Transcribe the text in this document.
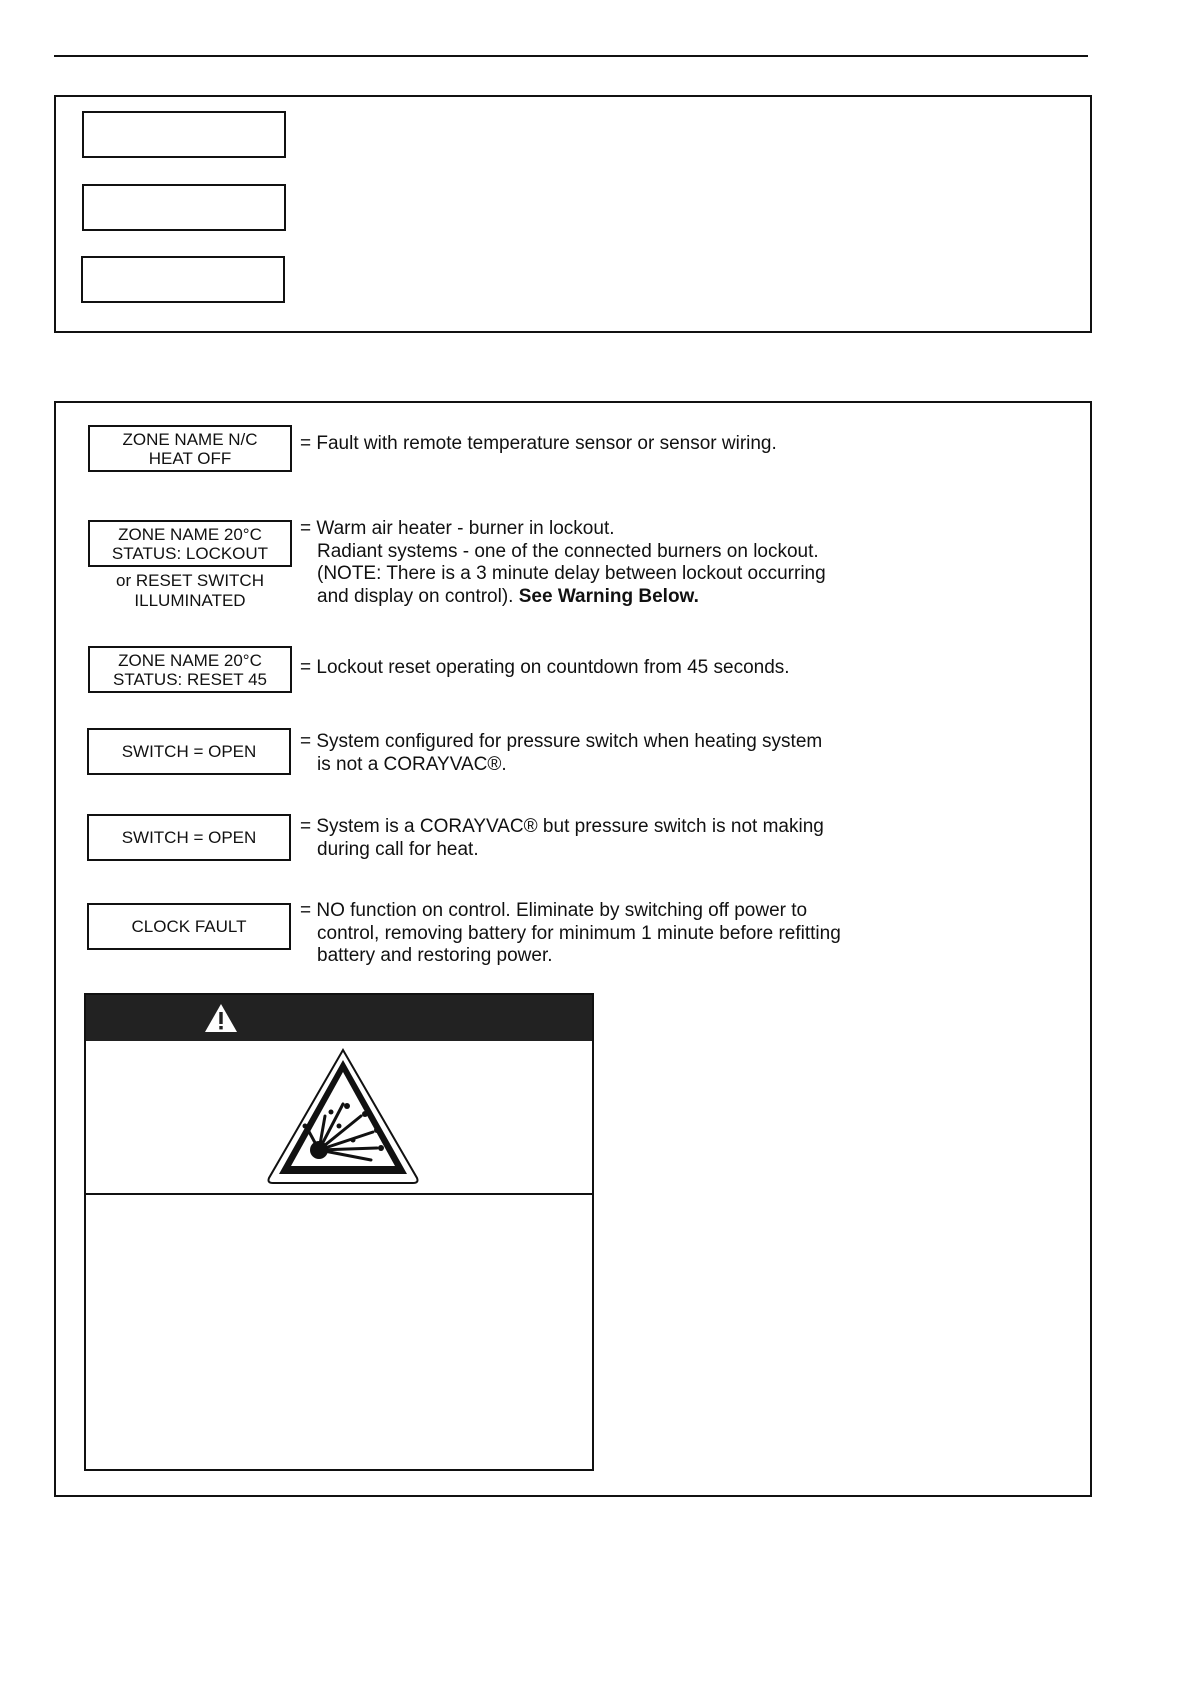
ZONE NAME N/C
HEAT OFF
= Fault with remote temperature sensor or sensor wiring.
ZONE NAME 20°C
STATUS: LOCKOUT
or RESET SWITCH
ILLUMINATED
= Warm air heater - burner in lockout.
Radiant systems - one of the connected burners on lockout.
(NOTE: There is a 3 minute delay between lockout occurring
and display on control). See Warning Below.
ZONE NAME 20°C
STATUS: RESET 45
= Lockout reset operating on countdown from 45 seconds.
SWITCH = OPEN = System configured for pressure switch when heating system
is not a CORAYVAC®.
SWITCH = OPEN
= System is a CORAYVAC® but pressure switch is not making
during call for heat.
CLOCK FAULT
= NO function on control. Eliminate by switching off power to
control, removing battery for minimum 1 minute before refitting
battery and restoring power.
